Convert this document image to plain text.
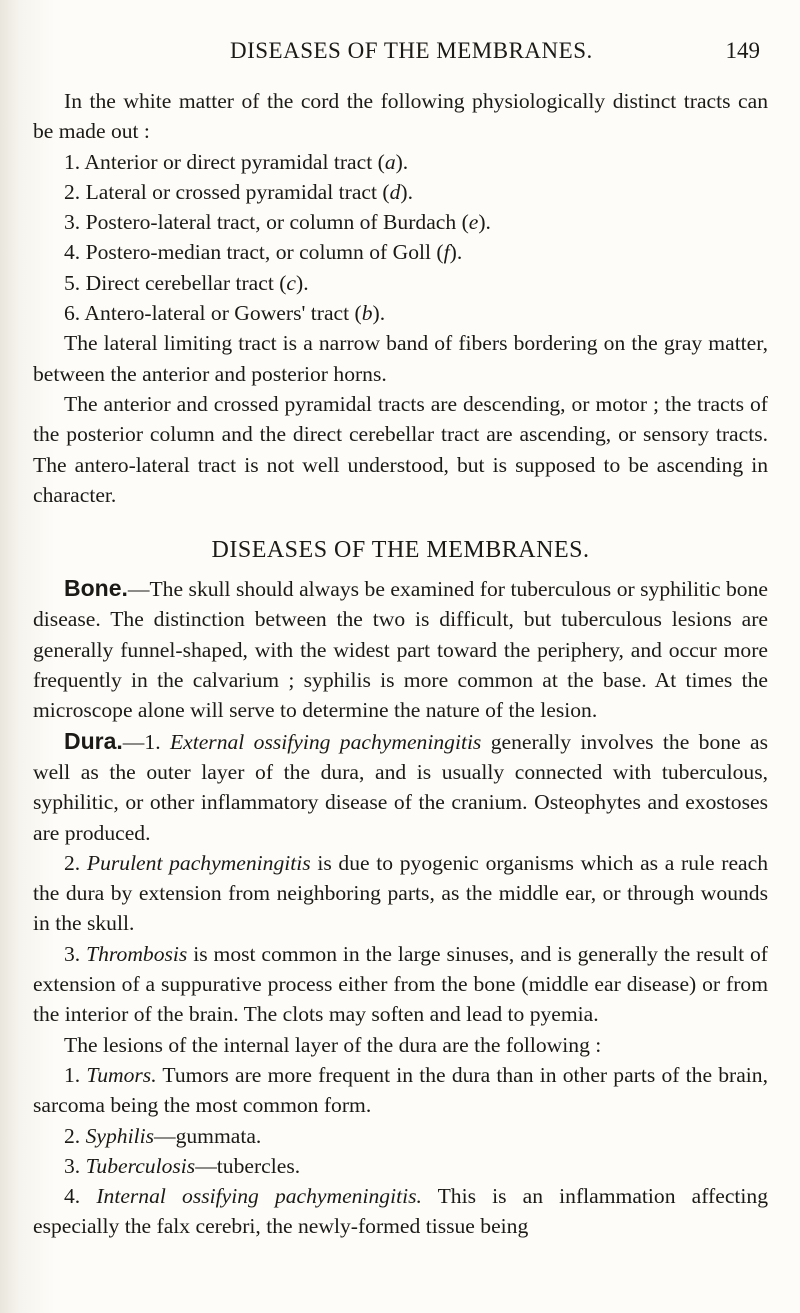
DISEASES OF THE MEMBRANES.	149

In the white matter of the cord the following physiologically distinct tracts can be made out :

1. Anterior or direct pyramidal tract (a).

2. Lateral or crossed pyramidal tract (d).

3. Postero-lateral tract, or column of Burdach (e).

4. Postero-median tract, or column of Goll (f).

5. Direct cerebellar tract (c).

6. Antero-lateral or Gowers' tract (b).

The lateral limiting tract is a narrow band of fibers bordering on the gray matter, between the anterior and posterior horns.

The anterior and crossed pyramidal tracts are descending, or motor ; the tracts of the posterior column and the direct cerebellar tract are ascending, or sensory tracts. The antero-lateral tract is not well understood, but is supposed to be ascending in character.

DISEASES OF THE MEMBRANES.

Bone.—The skull should always be examined for tuberculous or syphilitic bone disease. The distinction between the two is difficult, but tuberculous lesions are generally funnel-shaped, with the widest part toward the periphery, and occur more frequently in the calvarium ; syphilis is more common at the base. At times the microscope alone will serve to determine the nature of the lesion.

Dura.—1. External ossifying pachymeningitis generally involves the bone as well as the outer layer of the dura, and is usually connected with tuberculous, syphilitic, or other inflammatory disease of the cranium. Osteophytes and exostoses are produced.

2. Purulent pachymeningitis is due to pyogenic organisms which as a rule reach the dura by extension from neighboring parts, as the middle ear, or through wounds in the skull.

3. Thrombosis is most common in the large sinuses, and is generally the result of extension of a suppurative process either from the bone (middle ear disease) or from the interior of the brain. The clots may soften and lead to pyemia.

The lesions of the internal layer of the dura are the following :

1. Tumors. Tumors are more frequent in the dura than in other parts of the brain, sarcoma being the most common form.

2. Syphilis—gummata.

3. Tuberculosis—tubercles.

4. Internal ossifying pachymeningitis. This is an inflammation affecting especially the falx cerebri, the newly-formed tissue being
